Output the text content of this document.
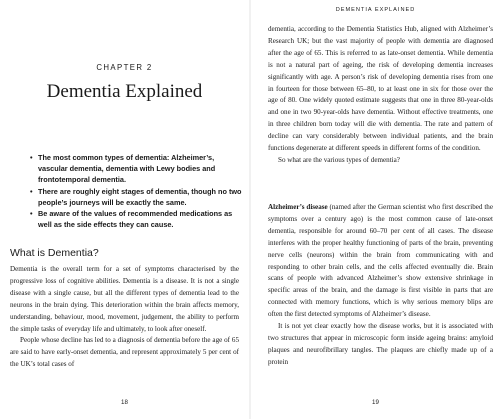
CHAPTER 2
Dementia Explained
• The most common types of dementia: Alzheimer’s, vascular dementia, dementia with Lewy bodies and frontotemporal dementia.
• There are roughly eight stages of dementia, though no two people’s journeys will be exactly the same.
• Be aware of the values of recommended medications as well as the side effects they can cause.
What is Dementia?

Dementia is the overall term for a set of symptoms characterised by the progressive loss of cognitive abilities. Dementia is a disease. It is not a single disease with a single cause, but all the different types of dementia lead to the neurons in the brain dying. This deterioration within the brain affects memory, understanding, behaviour, mood, movement, judgement, the ability to perform the simple tasks of everyday life and ultimately, to look after oneself.

People whose decline has led to a diagnosis of dementia before the age of 65 are said to have early-onset dementia, and represent approximately 5 per cent of the UK’s total cases of

18
DEMENTIA EXPLAINED

dementia, according to the Dementia Statistics Hub, aligned with Alzheimer’s Research UK; but the vast majority of people with dementia are diagnosed after the age of 65. This is referred to as late-onset dementia. While dementia is not a natural part of ageing, the risk of developing dementia increases significantly with age. A person’s risk of developing dementia rises from one in fourteen for those between 65–80, to at least one in six for those over the age of 80. One widely quoted estimate suggests that one in three 80-year-olds and one in two 90-year-olds have dementia. Without effective treatments, one in three children born today will die with dementia. The rate and pattern of decline can vary considerably between individual patients, and the brain functions degenerate at different speeds in different forms of the condition.

So what are the various types of dementia?

Alzheimer’s disease (named after the German scientist who first described the symptoms over a century ago) is the most common cause of late-onset dementia, responsible for around 60–70 per cent of all cases. The disease interferes with the proper healthy functioning of parts of the brain, preventing nerve cells (neurons) within the brain from communicating with and responding to other brain cells, and the cells affected eventually die. Brain scans of people with advanced Alzheimer’s show extensive shrinkage in specific areas of the brain, and the damage is first visible in parts that are connected with memory functions, which is why serious memory blips are often the first detected symptoms of Alzheimer’s disease.

It is not yet clear exactly how the disease works, but it is associated with two structures that appear in microscopic form inside ageing brains: amyloid plaques and neurofibrillary tangles. The plaques are chiefly made up of a protein

19
